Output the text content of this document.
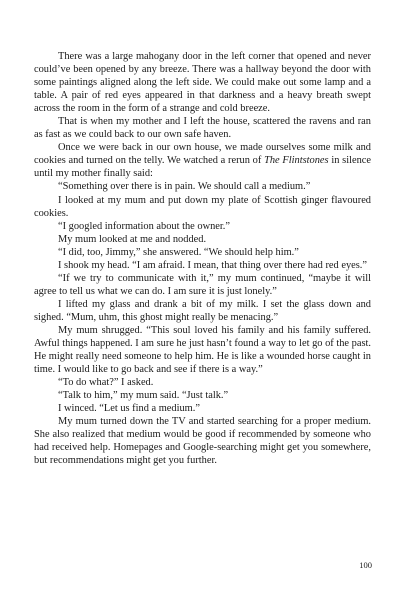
There was a large mahogany door in the left corner that opened and never could’ve been opened by any breeze. There was a hallway beyond the door with some paintings aligned along the left side. We could make out some lamp and a table. A pair of red eyes appeared in that darkness and a heavy breath swept across the room in the form of a strange and cold breeze.

That is when my mother and I left the house, scattered the ravens and ran as fast as we could back to our own safe haven.

Once we were back in our own house, we made ourselves some milk and cookies and turned on the telly. We watched a rerun of The Flintstones in silence until my mother finally said:

“Something over there is in pain. We should call a medium.”

I looked at my mum and put down my plate of Scottish ginger flavoured cookies.

“I googled information about the owner.”

My mum looked at me and nodded.

“I did, too, Jimmy,” she answered. “We should help him.”

I shook my head. “I am afraid. I mean, that thing over there had red eyes.”

“If we try to communicate with it,” my mum continued, “maybe it will agree to tell us what we can do. I am sure it is just lonely.”

I lifted my glass and drank a bit of my milk. I set the glass down and sighed. “Mum, uhm, this ghost might really be menacing.”

My mum shrugged. “This soul loved his family and his family suffered. Awful things happened. I am sure he just hasn’t found a way to let go of the past. He might really need someone to help him. He is like a wounded horse caught in time. I would like to go back and see if there is a way.”

“To do what?” I asked.

“Talk to him,” my mum said. “Just talk.”

I winced. “Let us find a medium.”

My mum turned down the TV and started searching for a proper medium. She also realized that medium would be good if recommended by someone who had received help. Homepages and Google-searching might get you somewhere, but recommendations might get you further.

100
